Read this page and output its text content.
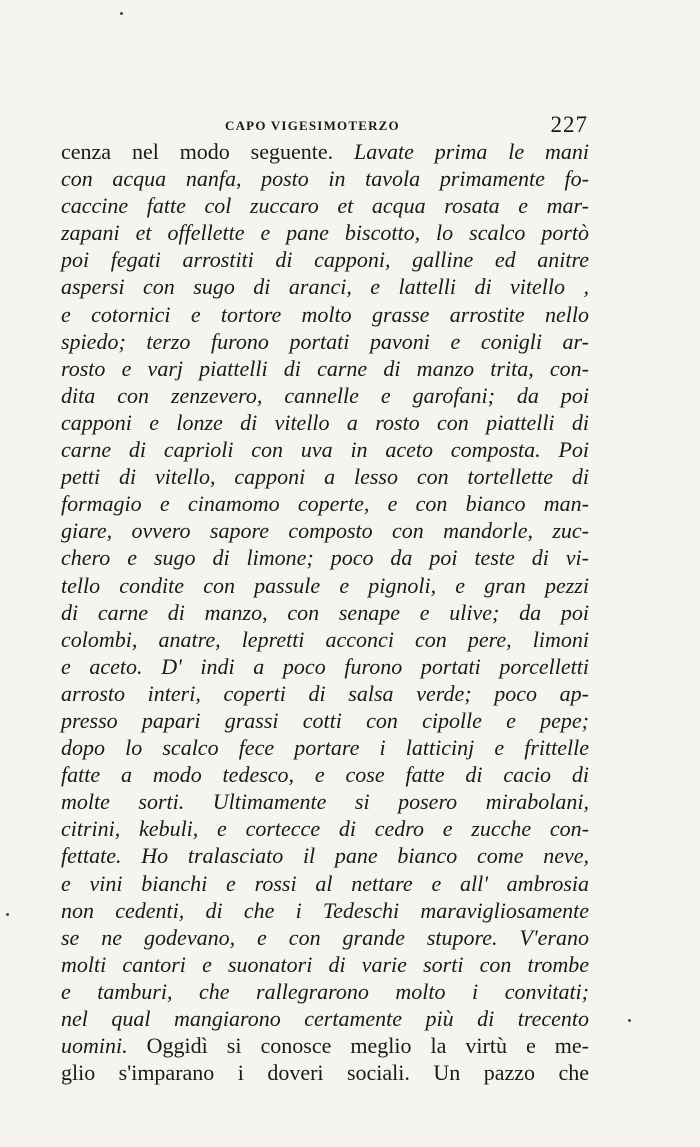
CAPO VIGESIMOTERZO	227
cenza nel modo seguente. Lavate prima le mani
con acqua nanfa, posto in tavola primamente fo-
caccine fatte col zuccaro et acqua rosata e mar-
zapani et offellette e pane biscotto, lo scalco portò
poi fegati arrostiti di capponi, galline ed anitre
aspersi con sugo di aranci, e lattelli di vitello ,
e cotornici e tortore molto grasse arrostite nello
spiedo; terzo furono portati pavoni e conigli ar-
rosto e varj piattelli di carne di manzo trita, con-
dita con zenzevero, cannelle e garofani; da poi
capponi e lonze di vitello a rosto con piattelli di
carne di caprioli con uva in aceto composta. Poi
petti di vitello, capponi a lesso con tortellette di
formagio e cinamomo coperte, e con bianco man-
giare, ovvero sapore composto con mandorle, zuc-
chero e sugo di limone; poco da poi teste di vi-
tello condite con passule e pignoli, e gran pezzi
di carne di manzo, con senape e ulive; da poi
colombi, anatre, lepretti acconci con pere, limoni
e aceto. D' indi a poco furono portati porcelletti
arrosto interi, coperti di salsa verde; poco ap-
presso papari grassi cotti con cipolle e pepe;
dopo lo scalco fece portare i latticinj e frittelle
fatte a modo tedesco, e cose fatte di cacio di
molte sorti. Ultimamente si posero mirabolani,
citrini, kebuli, e cortecce di cedro e zucche con-
fettate. Ho tralasciato il pane bianco come neve,
e vini bianchi e rossi al nettare e all' ambrosia
non cedenti, di che i Tedeschi maravigliosamente
se ne godevano, e con grande stupore. V'erano
molti cantori e suonatori di varie sorti con trombe
e tamburi, che rallegrarono molto i convitati;
nel qual mangiarono certamente più di trecento
uomini. Oggidì si conosce meglio la virtù e me-
glio s'imparano i doveri sociali. Un pazzo che
